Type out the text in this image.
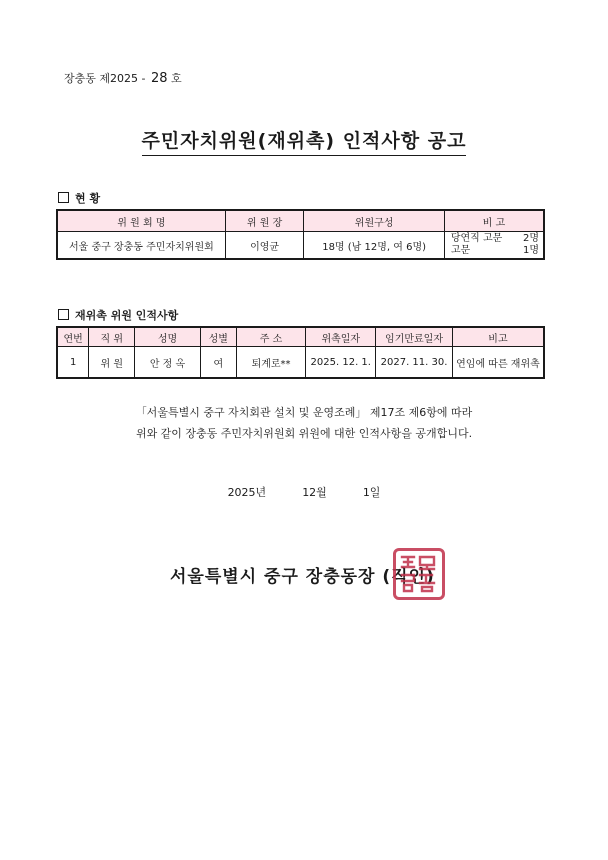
장충동 제2025 - 28 호
주민자치위원(재위촉) 인적사항 공고
현 황
위 원 회 명	위 원 장	위원구성	비 고
서울 중구 장충동 주민자치위원회	이영균	18명 (남 12명, 여 6명)	당연직 고문 2명
고문 1명
재위촉 위원 인적사항
연번	직 위	성명	성별	주 소	위촉일자	임기만료일자	비고
1	위 원	안 정 옥	여	퇴계로**	2025. 12. 1.	2027. 11. 30.	연임에 따른 재위촉
「서울특별시 중구 자치회관 설치 및 운영조례」 제17조 제6항에 따라
위와 같이 장충동 주민자치위원회 위원에 대한 인적사항을 공개합니다.
2025년	12월	1일
서울특별시 중구 장충동장 (직인)
